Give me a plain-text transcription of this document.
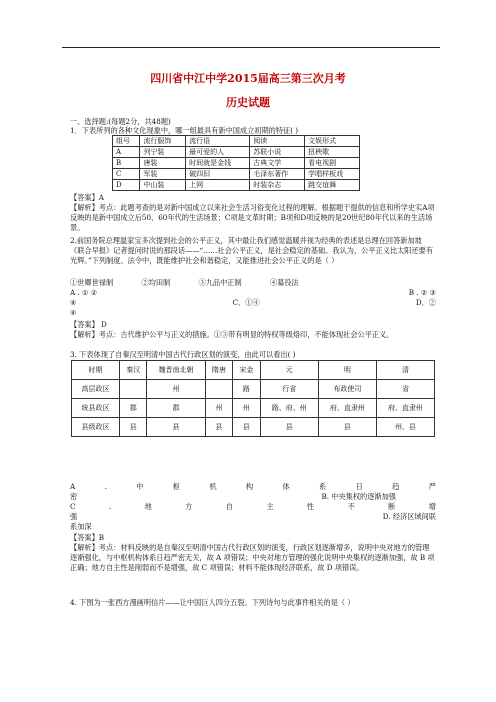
四川省中江中学2015届高三第三次月考
历史试题
一、选择题:(每题2分，共48题)
1．下表所列的各种文化现象中，哪一组最具有新中国成立初期的特征( )
组号	流行服饰	流行语	阅读	文娱形式
A	列宁装	最可爱的人	苏联小说	扭秧歌
B	唐装	时间就是金钱	古典文学	看电视剧
C	军装	破四旧	毛泽东著作	学唱样板戏
D	中山装	上网	时装杂志	跳交谊舞
【答案】A
【解析】考点：此题考查的是对新中国成立以来社会生活习俗变化过程的理解。根据题干提供的信息和所学史实A项反映的是新中国成立后50、60年代的生活场景；C项是文革时期；B项和D项反映的是20世纪80年代以来的生活场景。
2.前国务院总理温家宝多次提到社会的公平正义，其中最让我们感觉温暖并视为经典的表述是总理在回答新加坡《联合早报》记者提问时说的那段话——“……社会公平正义，是社会稳定的基础。我认为，公平正义比太阳还要有光辉。”下列制度、法令中，既能维护社会和谐稳定，又能推进社会公平正义的是（ ）
①世卿世禄制	②均田制	③九品中正制	④募役法
A . ① ②	B . ② ③
④	C．①④	D．②
④
【答案】 D
【解析】考点：古代维护公平与正义的措施。①③带有明显的特权等级烙印，不能体现社会公平正义。
3. 下表体现了自秦汉至明清中国古代行政区划的演变，由此可以看出( )
时期	秦汉	魏晋南北朝	隋唐	宋金	元	明	清
高层政区		州		路	行省	布政使司	省
统县政区	郡	郡	州	州	路、府、州	府、直隶州	府、直隶州
县级政区	县	县	县	县	县	县	州、县
A	.	中	枢	机	构	体	系	日	趋	严
密	B. 中央集权的逐渐加强
C	.	地	方	自	主	性	不	断	增
强	D. 经济区域间联
系加深
【答案】B
【解析】考点：材料反映的是自秦汉至明清中国古代行政区划的演变，行政区划逐渐增多，说明中央对地方的管理逐渐强化，与中枢机构体系日趋严密无关，故 A 项错误；中央对地方管理的强化说明中央集权的逐渐加强，故 B 项正确；地方自主性是削弱而不是增强，故 C 项错误；材料不能体现经济联系，故 D 项错误。
4. 下图为一张西方漫画明信片——让中国巨人四分五裂。下列诗句与此事件相关的是（ ）
